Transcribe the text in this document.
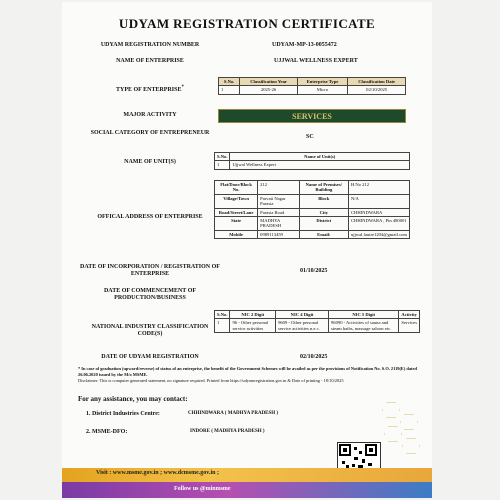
UDYAM REGISTRATION CERTIFICATE
UDYAM REGISTRATION NUMBER	UDYAM-MP-13-0055472
NAME OF ENTERPRISE	UJJWAL WELLNESS EXPERT
TYPE OF ENTERPRISE*
S.No.	Classification Year	Enterprise Type	Classification Date
1	2025-26	Micro	02/10/2025
MAJOR ACTIVITY	SERVICES
SOCIAL CATEGORY OF ENTREPRENEUR
SC
NAME OF UNIT(S)
S.No.	Name of Unit(s)
1	Ujjwal Wellness Expert
OFFICAL ADDRESS OF ENTERPRISE
Flat/Door/Block No.	212	Name of Premises/ Building	H.No 212
Village/Town	Parvati Nagar Parasia	Block	N/A
Road/Street/Lane	Parasia Road	City	CHHINDWARA
State	MADHYA PRADESH	District	CHHINDWARA , Pin 480001
Mobile	0989113459	Email:	ujjwal.lautre1204@gmail.com
DATE OF INCORPORATION / REGISTRATION OF ENTERPRISE	01/10/2025
DATE OF COMMENCEMENT OF PRODUCTION/BUSINESS
NATIONAL INDUSTRY CLASSIFICATION CODE(S)
S.No.	NIC 2 Digit	NIC 4 Digit	NIC 5 Digit	Activity
1	96 - Other personal service activities	9609 - Other personal service activities n.e.c.	96090 - Activities of sauna and steam baths, massage saloon etc.	Services
DATE OF UDYAM REGISTRATION	02/10/2025
* In case of graduation (upward/reverse) of status of an enterprise, the benefit of the Government Schemes will be availed as per the provisions of Notification No. S.O. 2119(E) dated 26.06.2020 issued by the M/o MSME.
Disclaimer: This is computer generated statement, no signature required. Printed from https://udyamregistration.gov.in & Date of printing - 18/10/2025
For any assistance, you may contact:
1. District Industries Centre:	CHHINDWARA ( MADHYA PRADESH )
2. MSME-DFO:	INDORE ( MADHYA PRADESH )
Visit : www.msme.gov.in ; www.dcmsme.gov.in ;
Follow us @minmsme
